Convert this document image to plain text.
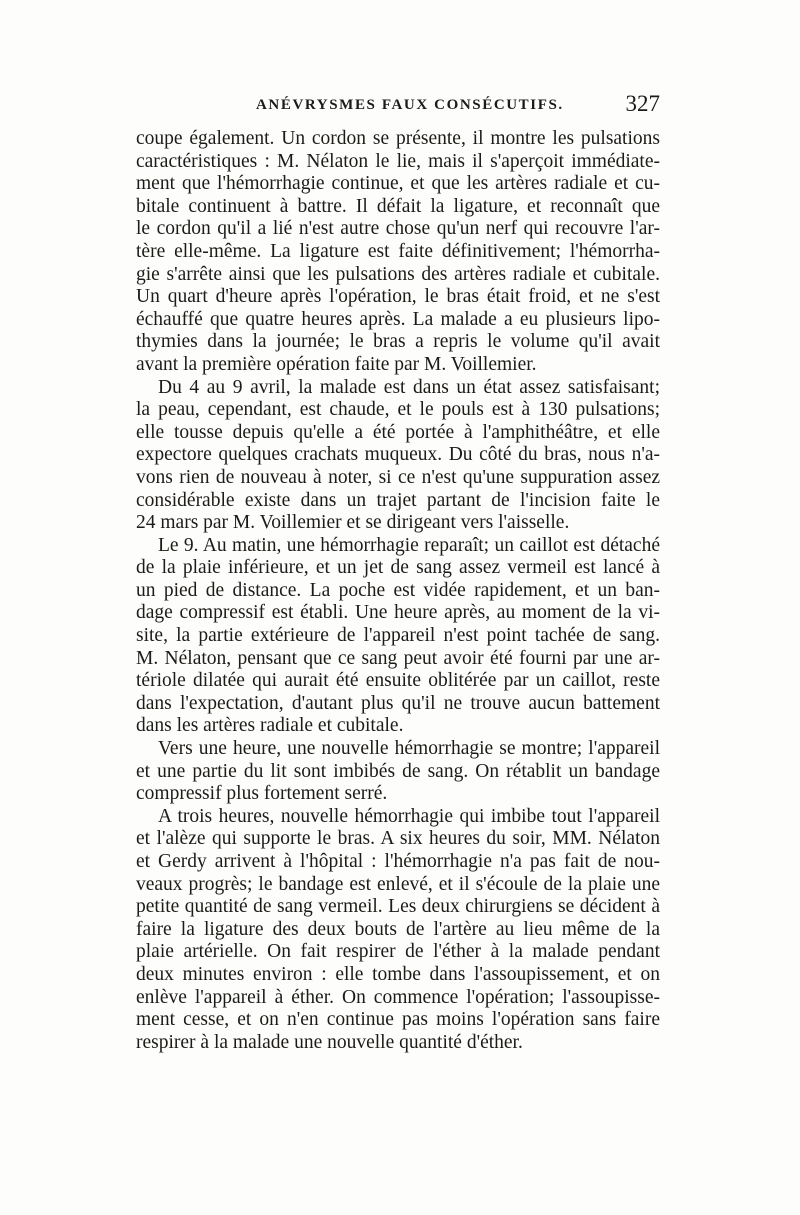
ANÉVRYSMES FAUX CONSÉCUTIFS.	327
coupe également. Un cordon se présente, il montre les pulsations
caractéristiques : M. Nélaton le lie, mais il s'aperçoit immédiate-
ment que l'hémorrhagie continue, et que les artères radiale et cu-
bitale continuent à battre. Il défait la ligature, et reconnaît que
le cordon qu'il a lié n'est autre chose qu'un nerf qui recouvre l'ar-
tère elle-même. La ligature est faite définitivement; l'hémorrha-
gie s'arrête ainsi que les pulsations des artères radiale et cubitale.
Un quart d'heure après l'opération, le bras était froid, et ne s'est
échauffé que quatre heures après. La malade a eu plusieurs lipo-
thymies dans la journée; le bras a repris le volume qu'il avait
avant la première opération faite par M. Voillemier.
Du 4 au 9 avril, la malade est dans un état assez satisfaisant;
la peau, cependant, est chaude, et le pouls est à 130 pulsations;
elle tousse depuis qu'elle a été portée à l'amphithéâtre, et elle
expectore quelques crachats muqueux. Du côté du bras, nous n'a-
vons rien de nouveau à noter, si ce n'est qu'une suppuration assez
considérable existe dans un trajet partant de l'incision faite le
24 mars par M. Voillemier et se dirigeant vers l'aisselle.
Le 9. Au matin, une hémorrhagie reparaît; un caillot est détaché
de la plaie inférieure, et un jet de sang assez vermeil est lancé à
un pied de distance. La poche est vidée rapidement, et un ban-
dage compressif est établi. Une heure après, au moment de la vi-
site, la partie extérieure de l'appareil n'est point tachée de sang.
M. Nélaton, pensant que ce sang peut avoir été fourni par une ar-
tériole dilatée qui aurait été ensuite oblitérée par un caillot, reste
dans l'expectation, d'autant plus qu'il ne trouve aucun battement
dans les artères radiale et cubitale.
Vers une heure, une nouvelle hémorrhagie se montre; l'appareil
et une partie du lit sont imbibés de sang. On rétablit un bandage
compressif plus fortement serré.
A trois heures, nouvelle hémorrhagie qui imbibe tout l'appareil
et l'alèze qui supporte le bras. A six heures du soir, MM. Nélaton
et Gerdy arrivent à l'hôpital : l'hémorrhagie n'a pas fait de nou-
veaux progrès; le bandage est enlevé, et il s'écoule de la plaie une
petite quantité de sang vermeil. Les deux chirurgiens se décident à
faire la ligature des deux bouts de l'artère au lieu même de la
plaie artérielle. On fait respirer de l'éther à la malade pendant
deux minutes environ : elle tombe dans l'assoupissement, et on
enlève l'appareil à éther. On commence l'opération; l'assoupisse-
ment cesse, et on n'en continue pas moins l'opération sans faire
respirer à la malade une nouvelle quantité d'éther.
